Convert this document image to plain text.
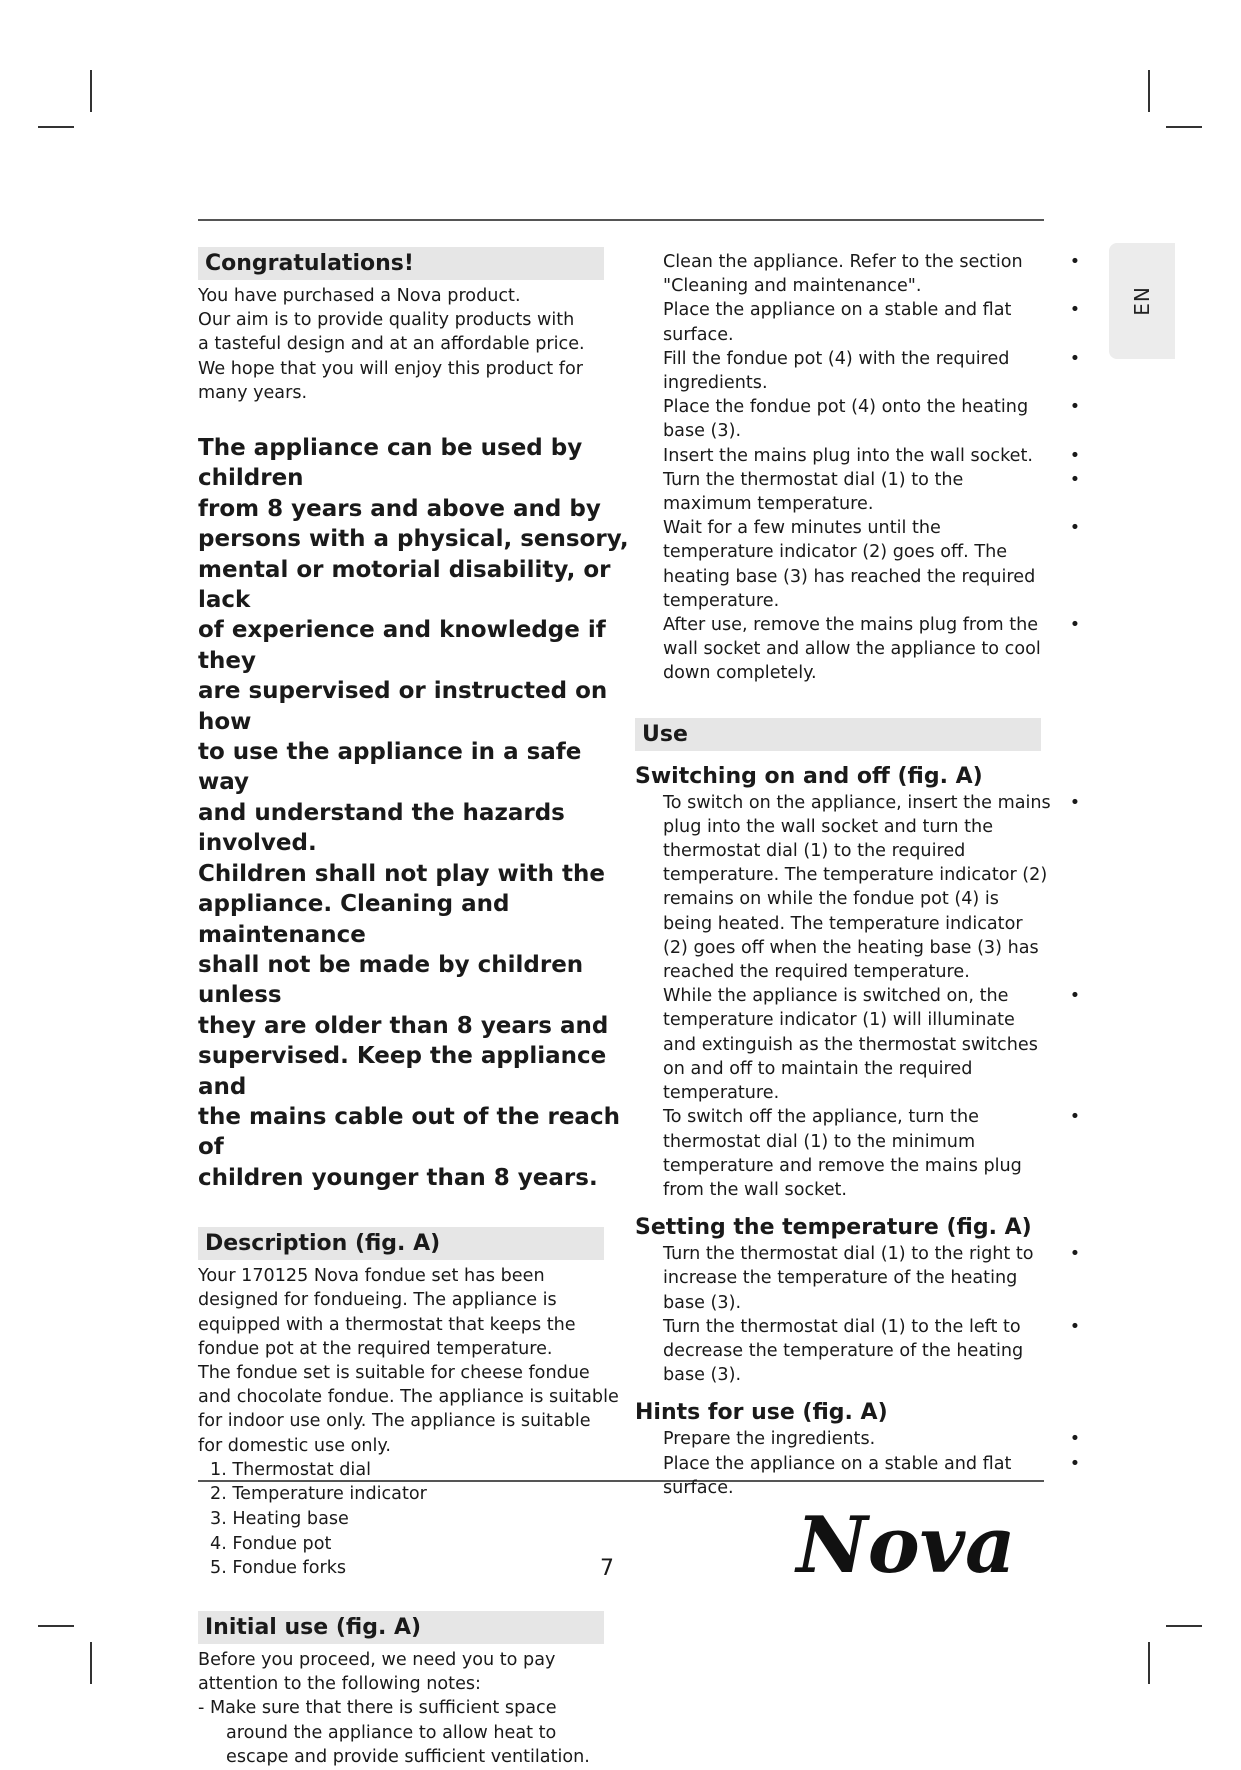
EN
Congratulations!

You have purchased a Nova product.

Our aim is to provide quality products with

a tasteful design and at an affordable price.

We hope that you will enjoy this product for

many years.

The appliance can be used by children

from 8 years and above and by

persons with a physical, sensory,

mental or motorial disability, or lack

of experience and knowledge if they

are supervised or instructed on how

to use the appliance in a safe way

and understand the hazards involved.

Children shall not play with the

appliance. Cleaning and maintenance

shall not be made by children unless

they are older than 8 years and

supervised. Keep the appliance and

the mains cable out of the reach of

children younger than 8 years.

Description (fig. A)

Your 170125 Nova fondue set has been

designed for fondueing. The appliance is

equipped with a thermostat that keeps the

fondue pot at the required temperature.

The fondue set is suitable for cheese fondue

and chocolate fondue. The appliance is suitable

for indoor use only. The appliance is suitable

for domestic use only.

1. Thermostat dial
2. Temperature indicator
3. Heating base
4. Fondue pot
5. Fondue forks
Initial use (fig. A)

Before you proceed, we need you to pay

attention to the following notes:

- Make sure that there is sufficient space around the appliance to allow heat to escape and provide sufficient ventilation.

Clean the appliance. Refer to the section "Cleaning and maintenance".
•

Place the appliance on a stable and flat surface.
•

Fill the fondue pot (4) with the required ingredients.
•

Place the fondue pot (4) onto the heating base (3).
•

Insert the mains plug into the wall socket.	•

Turn the thermostat dial (1) to the maximum temperature.
•

Wait for a few minutes until the temperature indicator (2) goes off. The heating base (3) has reached the required temperature.
•

After use, remove the mains plug from the wall socket and allow the appliance to cool down completely.
•

Use

Switching on and off (fig. A)

To switch on the appliance, insert the mains plug into the wall socket and turn the thermostat dial (1) to the required temperature. The temperature indicator (2) remains on while the fondue pot (4) is being heated. The temperature indicator (2) goes off when the heating base (3) has reached the required temperature.
•

While the appliance is switched on, the temperature indicator (1) will illuminate and extinguish as the thermostat switches on and off to maintain the required temperature.
•

To switch off the appliance, turn the thermostat dial (1) to the minimum temperature and remove the mains plug from the wall socket.
•

Setting the temperature (fig. A)

Turn the thermostat dial (1) to the right to increase the temperature of the heating base (3).
•

Turn the thermostat dial (1) to the left to decrease the temperature of the heating base (3).
•

Hints for use (fig. A)

Prepare the ingredients.	•

Place the appliance on a stable and flat surface.
•

7 Nova
